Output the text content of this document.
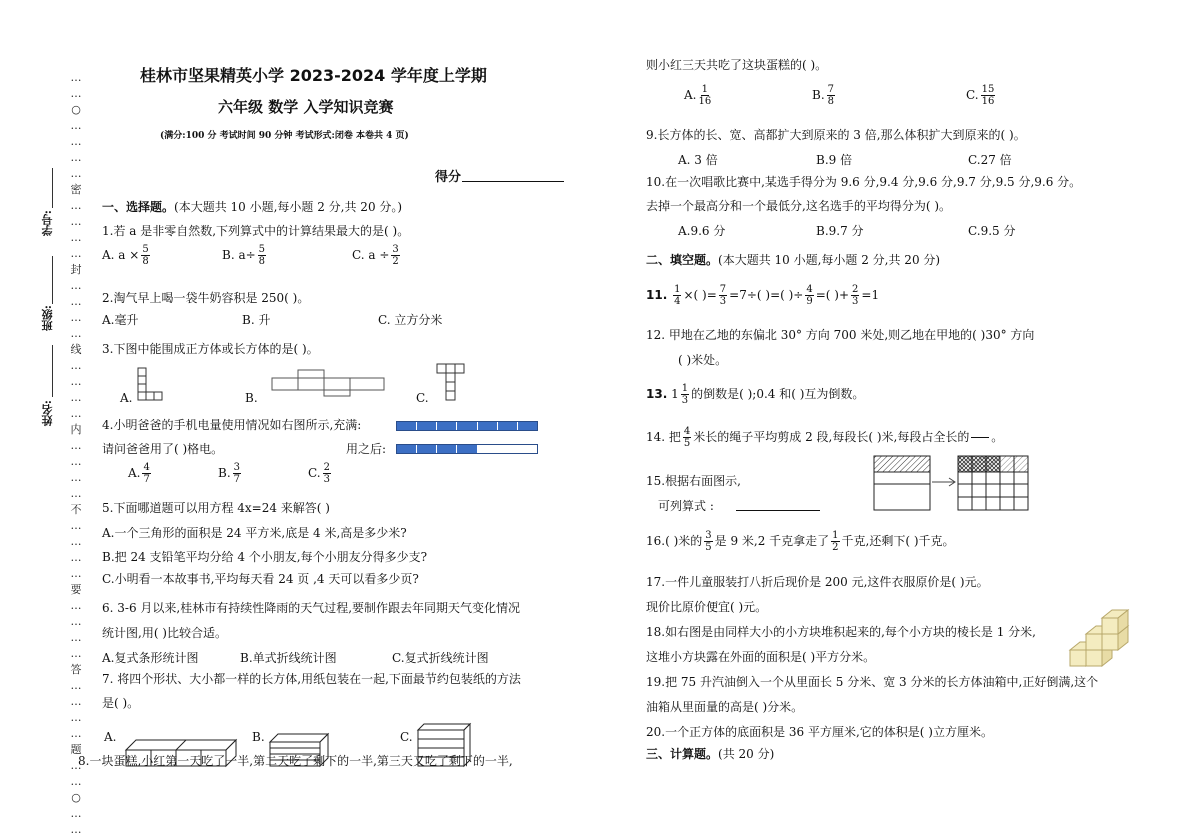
…
…
○
…
…
…
…
密
…
…
…
…
封
…
…
…
…
线
…
…
…
…
内
…
…
…
…
不
…
…
…
…
要
…
…
…
…
答
…
…
…
…
题
…
…
○
…
…
学号:
班级:
姓名:
桂林市坚果精英小学 2023-2024 学年度上学期
六年级 数学 入学知识竞赛
(满分:100 分 考试时间 90 分钟 考试形式:闭卷 本卷共 4 页)
得分
一、选择题。(本大题共 10 小题,每小题 2 分,共 20 分。)
1.若 a 是非零自然数,下列算式中的计算结果最大的是( )。
A. $a \times \frac{5}{8}$	B. $a\div \frac{5}{8}$	C. $a \div \frac{3}{2}$
2.淘气早上喝一袋牛奶容积是 250( )。
A.毫升	B. 升	C. 立方分米
3.下图中能围成正方体或长方体的是( )。
A.	B.	C.
4.小明爸爸的手机电量使用情况如右图所示,充满:
请问爸爸用了( )格电。	用之后:
A. $\frac{4}{7}$	B. $\frac{3}{7}$	C. $\frac{2}{3}$
5.下面哪道题可以用方程 4x=24 来解答( )
A.一个三角形的面积是 24 平方米,底是 4 米,高是多少米?
B.把 24 支铅笔平均分给 4 个小朋友,每个小朋友分得多少支?
C.小明看一本故事书,平均每天看 24 页 ,4 天可以看多少页?
6. 3-6 月以来,桂林市有持续性降雨的天气过程,要制作跟去年同期天气变化情况
统计图,用( )比较合适。
A.复式条形统计图	B.单式折线统计图	C.复式折线统计图
7. 将四个形状、大小都一样的长方体,用纸包装在一起,下面最节约包装纸的方法
是( )。
A.	B.	C.
8.一块蛋糕,小红第一天吃了一半,第二天吃了剩下的一半,第三天又吃了剩下的一半,
则小红三天共吃了这块蛋糕的( )。
A. $\frac{1}{16}$	B. $\frac{7}{8}$	C. $\frac{15}{16}$
9.长方体的长、宽、高都扩大到原来的 3 倍,那么体积扩大到原来的( )。
A. 3 倍	B.9 倍	C.27 倍
10.在一次唱歌比赛中,某选手得分为 9.6 分,9.4 分,9.6 分,9.7 分,9.5 分,9.6 分。
去掉一个最高分和一个最低分,这名选手的平均得分为( )。
A.9.6 分	B.9.7 分	C.9.5 分
二、填空题。(本大题共 10 小题,每小题 2 分,共 20 分)
11. $\frac{1}{4}$ ×( )= $\frac{7}{3} =7\div$( )=( )÷ $\frac{4}{9}$ =( )+ $\frac{2}{3} =1$
12. 甲地在乙地的东偏北 30° 方向 700 米处,则乙地在甲地的( )30° 方向
( )米处。
13. $1 \frac{1}{3}$ 的倒数是( );0.4 和( )互为倒数。
14. 把 $\frac{4}{5}$ 米长的绳子平均剪成 2 段,每段长( )米,每段占全长的

。
15.根据右面图示,
可列算式 :
16.( )米的 $\frac{3}{5}$ 是 9 米,2 千克拿走了 $\frac{1}{2}$ 千克,还剩下( )千克。
17.一件儿童服装打八折后现价是 200 元,这件衣服原价是( )元。
现价比原价便宜( )元。
18.如右图是由同样大小的小方块堆积起来的,每个小方块的棱长是 1 分米,
这堆小方块露在外面的面积是( )平方分米。
19.把 75 升汽油倒入一个从里面长 5 分米、宽 3 分米的长方体油箱中,正好倒满,这个
油箱从里面量的高是( )分米。
20.一个正方体的底面积是 36 平方厘米,它的体积是( )立方厘米。
三、计算题。(共 20 分)
